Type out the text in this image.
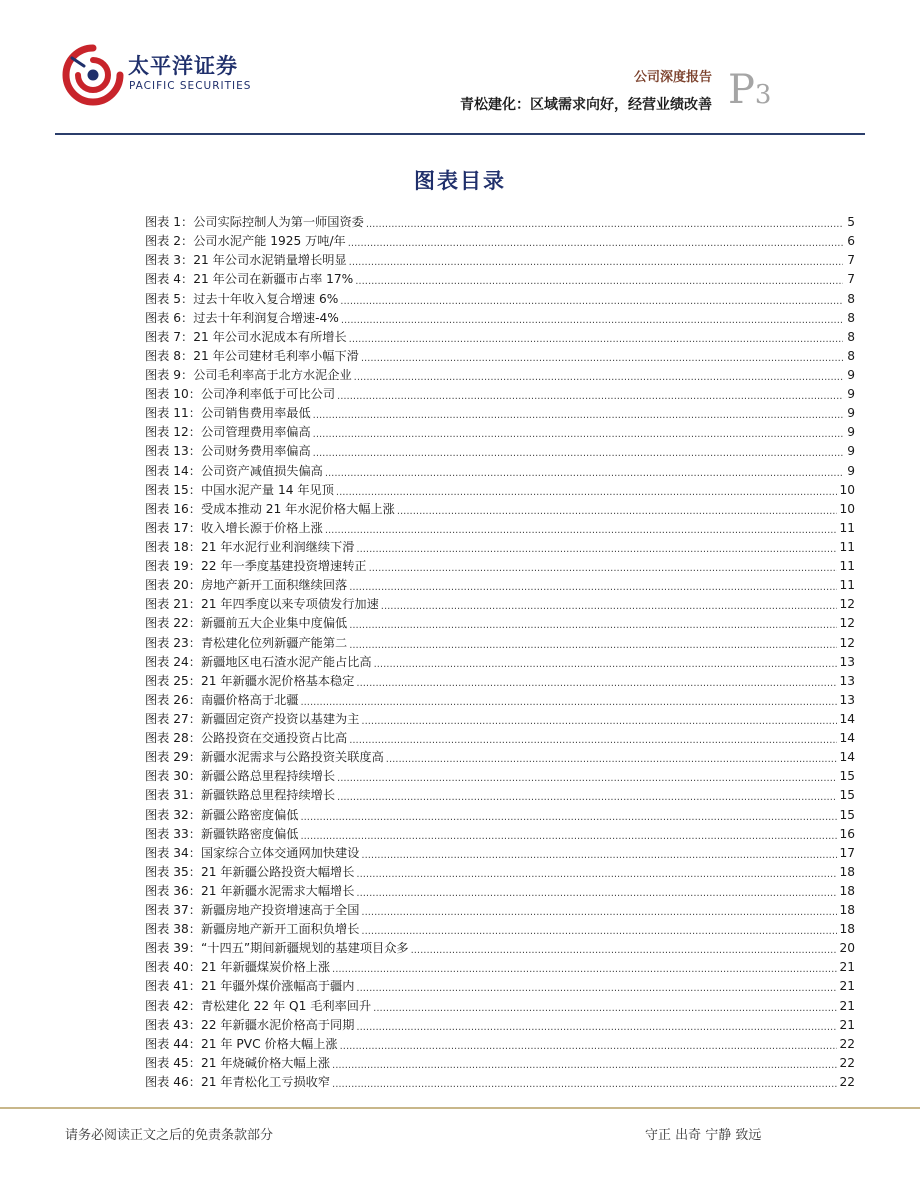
太平洋证券
PACIFIC SECURITIES
公司深度报告
青松建化：区域需求向好，经营业绩改善 P3
图表目录
图表 1：公司实际控制人为第一师国资委 .....	5
图表 2：公司水泥产能 1925 万吨/年 .....	6
图表 3：21 年公司水泥销量增长明显 .....	7
图表 4：21 年公司在新疆市占率 17% .....	7
图表 5：过去十年收入复合增速 6% .....	8
图表 6：过去十年利润复合增速-4% .....	8
图表 7：21 年公司水泥成本有所增长 .....	8
图表 8：21 年公司建材毛利率小幅下滑 .....	8
图表 9：公司毛利率高于北方水泥企业 .....	9
图表 10：公司净利率低于可比公司 .....	9
图表 11：公司销售费用率最低 .....	9
图表 12：公司管理费用率偏高 .....	9
图表 13：公司财务费用率偏高 .....	9
图表 14：公司资产减值损失偏高 .....	9
图表 15：中国水泥产量 14 年见顶 .....	10
图表 16：受成本推动 21 年水泥价格大幅上涨 .....	10
图表 17：收入增长源于价格上涨 .....	11
图表 18：21 年水泥行业利润继续下滑 .....	11
图表 19：22 年一季度基建投资增速转正 .....	11
图表 20：房地产新开工面积继续回落 .....	11
图表 21：21 年四季度以来专项债发行加速 .....	12
图表 22：新疆前五大企业集中度偏低 .....	12
图表 23：青松建化位列新疆产能第二 .....	12
图表 24：新疆地区电石渣水泥产能占比高 .....	13
图表 25：21 年新疆水泥价格基本稳定 .....	13
图表 26：南疆价格高于北疆 .....	13
图表 27：新疆固定资产投资以基建为主 .....	14
图表 28：公路投资在交通投资占比高 .....	14
图表 29：新疆水泥需求与公路投资关联度高 .....	14
图表 30：新疆公路总里程持续增长 .....	15
图表 31：新疆铁路总里程持续增长 .....	15
图表 32：新疆公路密度偏低 .....	15
图表 33：新疆铁路密度偏低 .....	16
图表 34：国家综合立体交通网加快建设 .....	17
图表 35：21 年新疆公路投资大幅增长 .....	18
图表 36：21 年新疆水泥需求大幅增长 .....	18
图表 37：新疆房地产投资增速高于全国 .....	18
图表 38：新疆房地产新开工面积负增长 .....	18
图表 39：“十四五”期间新疆规划的基建项目众多 .....	20
图表 40：21 年新疆煤炭价格上涨 .....	21
图表 41：21 年疆外煤价涨幅高于疆内 .....	21
图表 42：青松建化 22 年 Q1 毛利率回升 .....	21
图表 43：22 年新疆水泥价格高于同期 .....	21
图表 44：21 年 PVC 价格大幅上涨 .....	22
图表 45：21 年烧碱价格大幅上涨 .....	22
图表 46：21 年青松化工亏损收窄 .....	22
请务必阅读正文之后的免责条款部分	守正 出奇 宁静 致远
